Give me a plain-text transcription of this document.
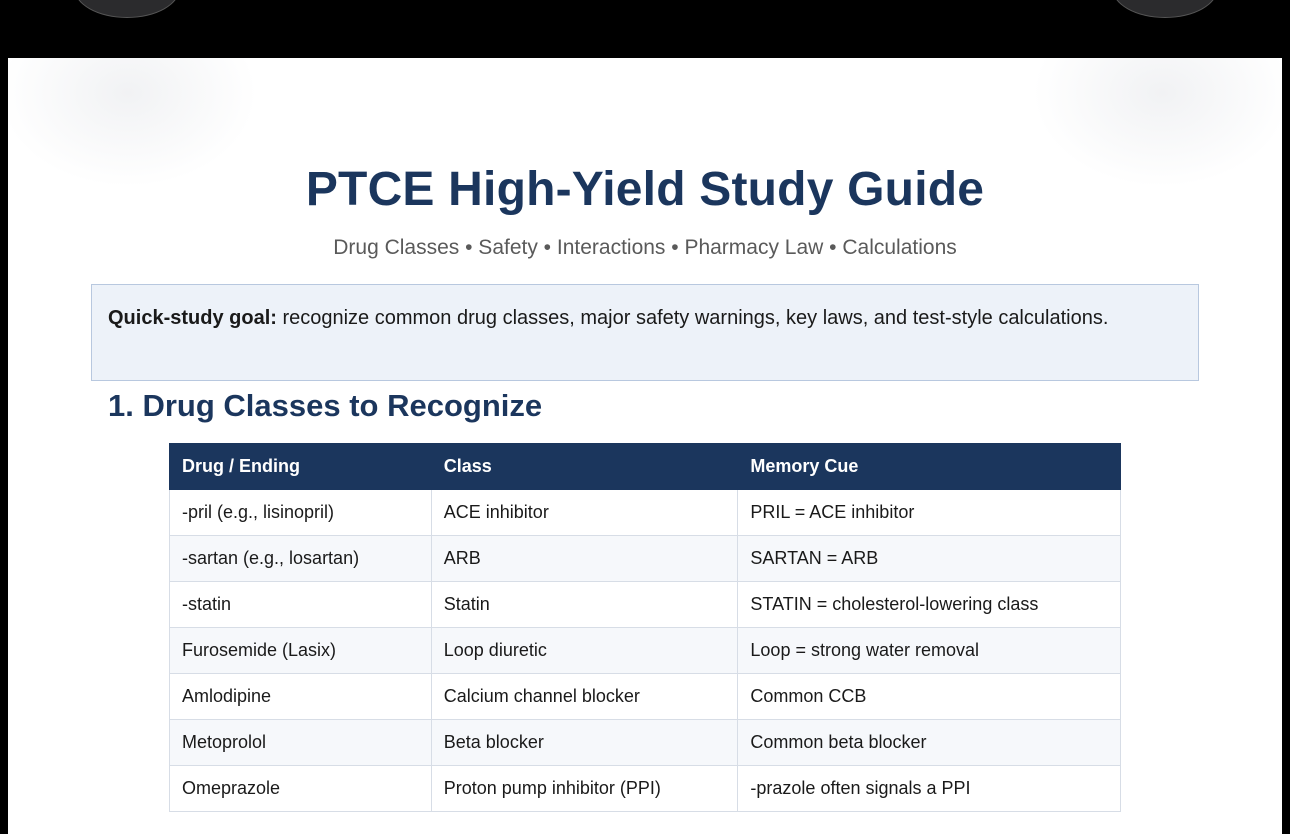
PTCE High-Yield Study Guide
Drug Classes • Safety • Interactions • Pharmacy Law • Calculations
Quick-study goal: recognize common drug classes, major safety warnings, key laws, and test-style calculations.
1. Drug Classes to Recognize
Drug / Ending	Class	Memory Cue
-pril (e.g., lisinopril)	ACE inhibitor	PRIL = ACE inhibitor
-sartan (e.g., losartan)	ARB	SARTAN = ARB
-statin	Statin	STATIN = cholesterol-lowering class
Furosemide (Lasix)	Loop diuretic	Loop = strong water removal
Amlodipine	Calcium channel blocker	Common CCB
Metoprolol	Beta blocker	Common beta blocker
Omeprazole	Proton pump inhibitor (PPI)	-prazole often signals a PPI
